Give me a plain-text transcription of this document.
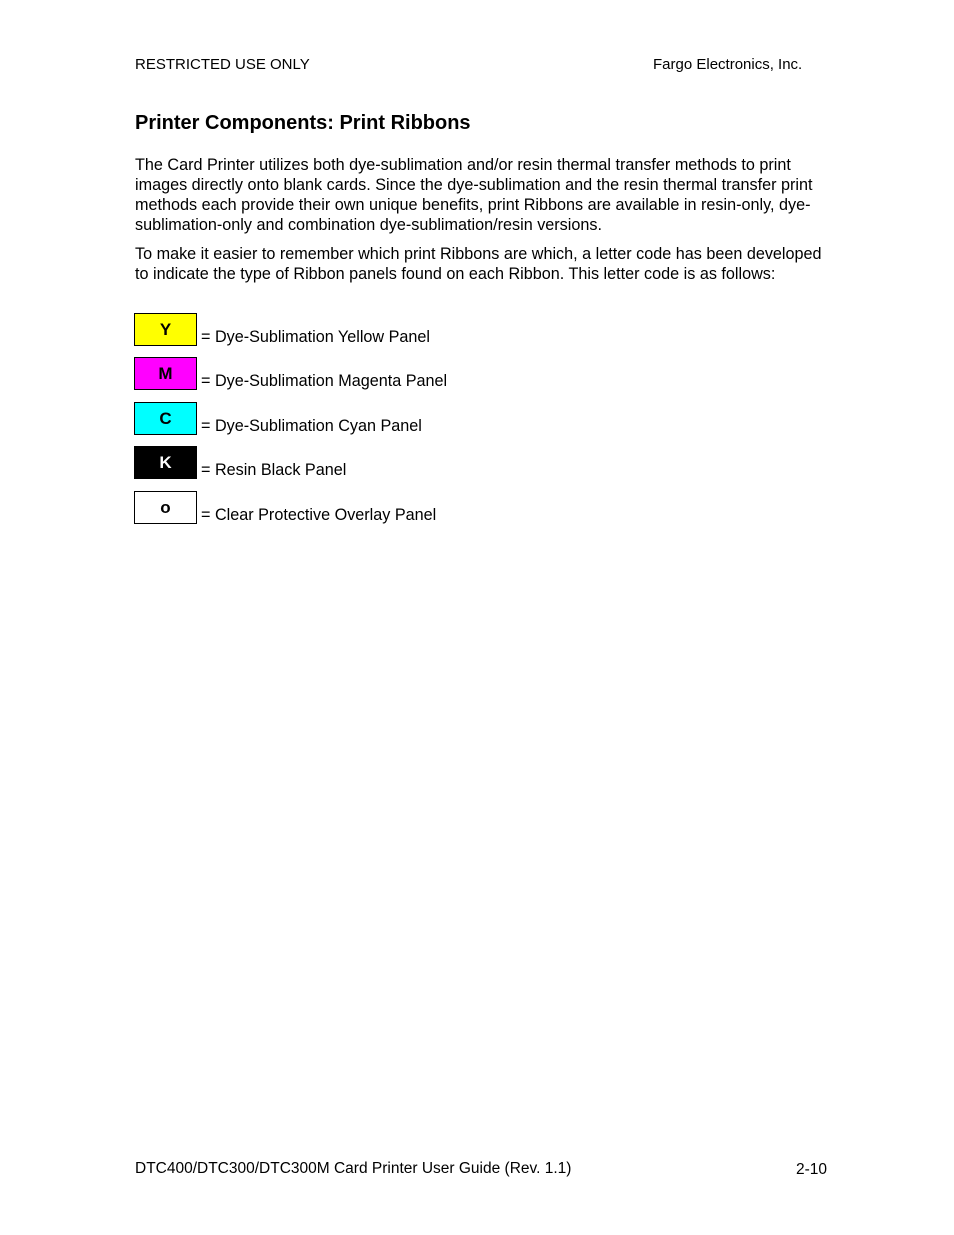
RESTRICTED USE ONLY	Fargo Electronics, Inc.
Printer Components: Print Ribbons

The Card Printer utilizes both dye-sublimation and/or resin thermal transfer methods to print images directly onto blank cards. Since the dye-sublimation and the resin thermal transfer print methods each provide their own unique benefits, print Ribbons are available in resin-only, dye-sublimation-only and combination dye-sublimation/resin versions.

To make it easier to remember which print Ribbons are which, a letter code has been developed to indicate the type of Ribbon panels found on each Ribbon. This letter code is as follows:

Y	= Dye-Sublimation Yellow Panel
M	= Dye-Sublimation Magenta Panel
C	= Dye-Sublimation Cyan Panel
K	= Resin Black Panel
o	= Clear Protective Overlay Panel
DTC400/DTC300/DTC300M Card Printer User Guide (Rev. 1.1)	2-10
